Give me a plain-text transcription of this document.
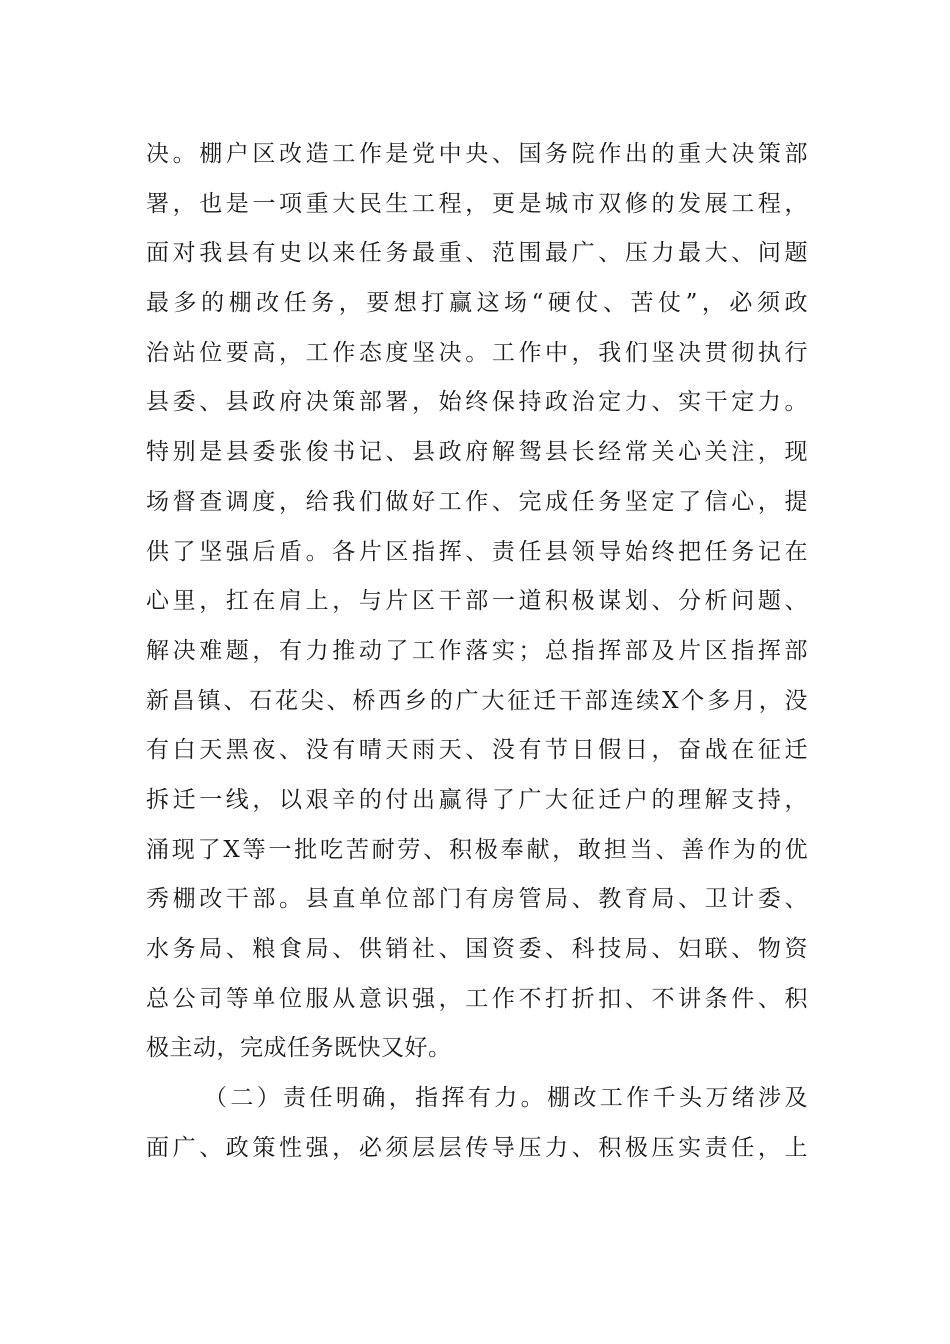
决。棚户区改造工作是党中央、国务院作出的重大决策部
署，也是一项重大民生工程，更是城市双修的发展工程，
面对我县有史以来任务最重、范围最广、压力最大、问题
最多的棚改任务，要想打赢这场“硬仗、苦仗”，必须政
治站位要高，工作态度坚决。工作中，我们坚决贯彻执行
县委、县政府决策部署，始终保持政治定力、实干定力。
特别是县委张俊书记、县政府解鸳县长经常关心关注，现
场督查调度，给我们做好工作、完成任务坚定了信心，提
供了坚强后盾。各片区指挥、责任县领导始终把任务记在
心里，扛在肩上，与片区干部一道积极谋划、分析问题、
解决难题，有力推动了工作落实；总指挥部及片区指挥部
新昌镇、石花尖、桥西乡的广大征迁干部连续X个多月，没
有白天黑夜、没有晴天雨天、没有节日假日，奋战在征迁
拆迁一线，以艰辛的付出赢得了广大征迁户的理解支持，
涌现了X等一批吃苦耐劳、积极奉献，敢担当、善作为的优
秀棚改干部。县直单位部门有房管局、教育局、卫计委、
水务局、粮食局、供销社、国资委、科技局、妇联、物资
总公司等单位服从意识强，工作不打折扣、不讲条件、积
极主动，完成任务既快又好。
（二）责任明确，指挥有力。棚改工作千头万绪涉及
面广、政策性强，必须层层传导压力、积极压实责任，上
